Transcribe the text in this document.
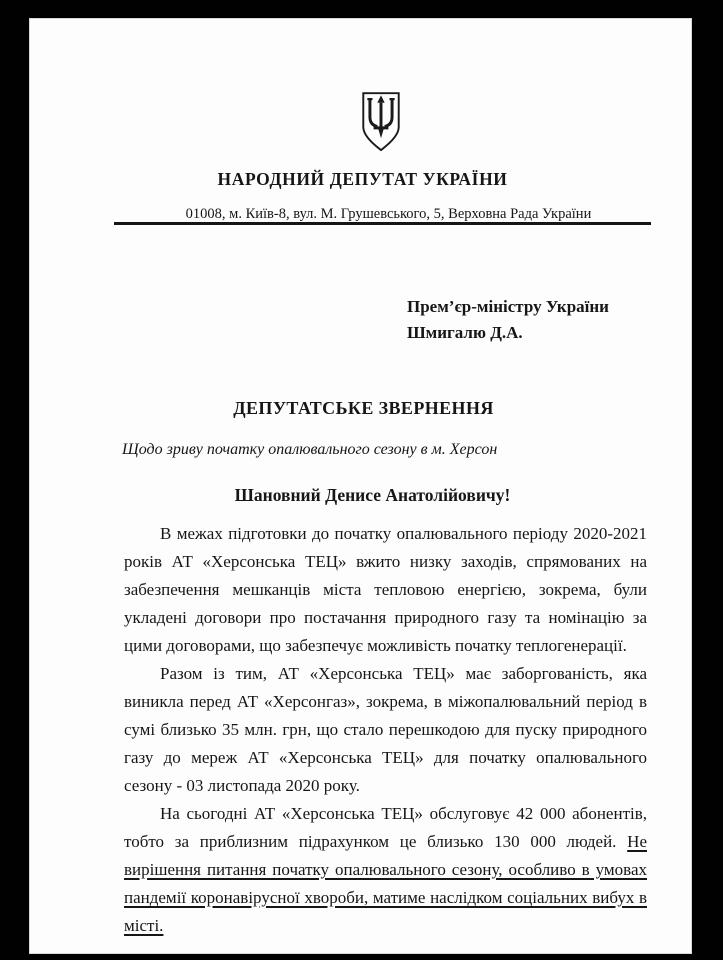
НАРОДНИЙ ДЕПУТАТ УКРАЇНИ
01008, м. Київ-8, вул. М. Грушевського, 5, Верховна Рада України
Прем’єр-міністру України
Шмигалю Д.А.
ДЕПУТАТСЬКЕ ЗВЕРНЕННЯ
Щодо зриву початку опалювального сезону в м. Херсон
Шановний Денисе Анатолійовичу!

В межах підготовки до початку опалювального періоду 2020-2021 років АТ «Херсонська ТЕЦ» вжито низку заходів, спрямованих на забезпечення мешканців міста тепловою енергією, зокрема, були укладені договори про постачання природного газу та номінацію за цими договорами, що забезпечує можливість початку теплогенерації.

Разом із тим, АТ «Херсонська ТЕЦ» має заборгованість, яка виникла перед АТ «Херсонгаз», зокрема, в міжопалювальний період в сумі близько 35 млн. грн, що стало перешкодою для пуску природного газу до мереж АТ «Херсонська ТЕЦ» для початку опалювального сезону - 03 листопада 2020 року.

На сьогодні АТ «Херсонська ТЕЦ» обслуговує 42 000 абонентів, тобто за приблизним підрахунком це близько 130 000 людей. Не вирішення питання початку опалювального сезону, особливо в умовах пандемії коронавірусної хвороби, матиме наслідком соціальних вибух в місті.
